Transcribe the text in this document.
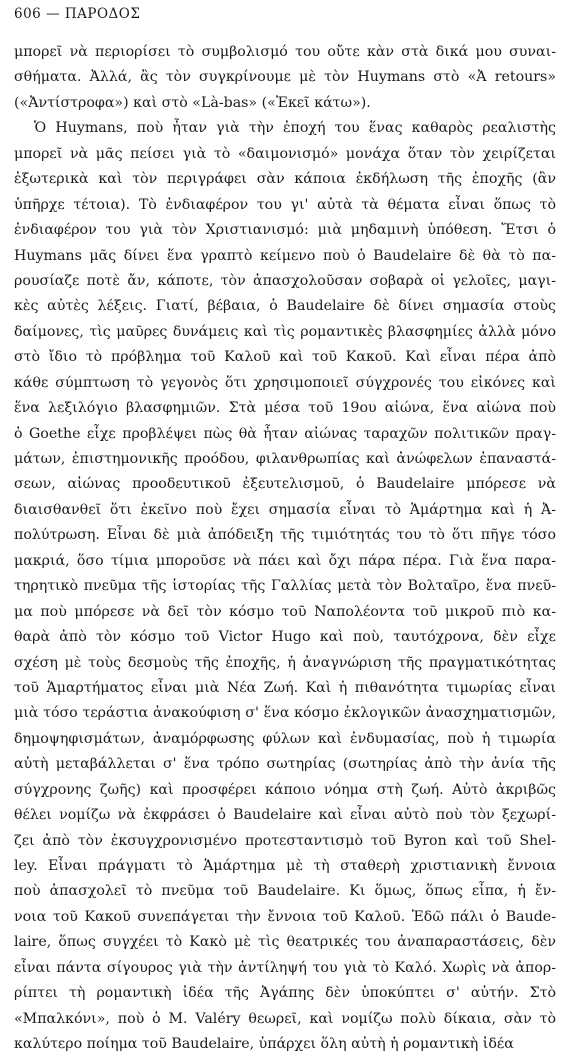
606 — ΠΑΡΟΔΟΣ
μπορεῖ νὰ περιορίσει τὸ συμβολισμό του οὔτε κὰν στὰ δικά μου συναι-
σθήματα. Ἀλλά, ἂς τὸν συγκρίνουμε μὲ τὸν Huymans στὸ «Ἀ retours»
(«Ἀντίστροφα») καὶ στὸ «Là-bas» («Ἐκεῖ κάτω»).
Ὁ Huymans, ποὺ ἦταν γιὰ τὴν ἐποχή του ἕνας καθαρὸς ρεαλιστὴς
μπορεῖ νὰ μᾶς πείσει γιὰ τὸ «δαιμονισμό» μονάχα ὅταν τὸν χειρίζεται
ἐξωτερικὰ καὶ τὸν περιγράφει σὰν κάποια ἐκδήλωση τῆς ἐποχῆς (ἂν
ὑπῆρχε τέτοια). Τὸ ἐνδιαφέρον του γι' αὐτὰ τὰ θέματα εἶναι ὅπως τὸ
ἐνδιαφέρον του γιὰ τὸν Χριστιανισμό: μιὰ μηδαμινὴ ὑπόθεση. Ἔτσι ὁ
Huymans μᾶς δίνει ἕνα γραπτὸ κείμενο ποὺ ὁ Baudelaire δὲ θὰ τὸ πα-
ρουσίαζε ποτὲ ἄν, κάποτε, τὸν ἀπασχολοῦσαν σοβαρὰ οἱ γελοῖες, μαγι-
κὲς αὐτὲς λέξεις. Γιατί, βέβαια, ὁ Baudelaire δὲ δίνει σημασία στοὺς
δαίμονες, τὶς μαῦρες δυνάμεις καὶ τὶς ρομαντικὲς βλασφημίες ἀλλὰ μόνο
στὸ ἴδιο τὸ πρόβλημα τοῦ Καλοῦ καὶ τοῦ Κακοῦ. Καὶ εἶναι πέρα ἀπὸ
κάθε σύμπτωση τὸ γεγονὸς ὅτι χρησιμοποιεῖ σύγχρονές του εἰκόνες καὶ
ἕνα λεξιλόγιο βλασφημιῶν. Στὰ μέσα τοῦ 19ου αἰώνα, ἕνα αἰώνα ποὺ
ὁ Goethe εἶχε προβλέψει πὼς θὰ ἦταν αἰώνας ταραχῶν πολιτικῶν πραγ-
μάτων, ἐπιστημονικῆς προόδου, φιλανθρωπίας καὶ ἀνώφελων ἐπαναστά-
σεων, αἰώνας προοδευτικοῦ ἐξευτελισμοῦ, ὁ Baudelaire μπόρεσε νὰ
διαισθανθεῖ ὅτι ἐκεῖνο ποὺ ἔχει σημασία εἶναι τὸ Ἁμάρτημα καὶ ἡ Ἀ-
πολύτρωση. Εἶναι δὲ μιὰ ἀπόδειξη τῆς τιμιότητάς του τὸ ὅτι πῆγε τόσο
μακριά, ὅσο τίμια μποροῦσε νὰ πάει καὶ ὄχι πάρα πέρα. Γιὰ ἕνα παρα-
τηρητικὸ πνεῦμα τῆς ἱστορίας τῆς Γαλλίας μετὰ τὸν Βολταῖρο, ἕνα πνεῦ-
μα ποὺ μπόρεσε νὰ δεῖ τὸν κόσμο τοῦ Ναπολέοντα τοῦ μικροῦ πιὸ κα-
θαρὰ ἀπὸ τὸν κόσμο τοῦ Victor Hugo καὶ ποὺ, ταυτόχρονα, δὲν εἶχε
σχέση μὲ τοὺς δεσμοὺς τῆς ἐποχῆς, ἡ ἀναγνώριση τῆς πραγματικότητας
τοῦ Ἁμαρτήματος εἶναι μιὰ Νέα Ζωή. Καὶ ἡ πιθανότητα τιμωρίας εἶναι
μιὰ τόσο τεράστια ἀνακούφιση σ' ἕνα κόσμο ἐκλογικῶν ἀνασχηματισμῶν,
δημοψηφισμάτων, ἀναμόρφωσης φύλων καὶ ἐνδυμασίας, ποὺ ἡ τιμωρία
αὐτὴ μεταβάλλεται σ' ἕνα τρόπο σωτηρίας (σωτηρίας ἀπὸ τὴν ἀνία τῆς
σύγχρονης ζωῆς) καὶ προσφέρει κάποιο νόημα στὴ ζωή. Αὐτὸ ἀκριβῶς
θέλει νομίζω νὰ ἐκφράσει ὁ Baudelaire καὶ εἶναι αὐτὸ ποὺ τὸν ξεχωρί-
ζει ἀπὸ τὸν ἐκσυγχρονισμένο προτεσταντισμὸ τοῦ Byron καὶ τοῦ Shel-
ley. Εἶναι πράγματι τὸ Ἁμάρτημα μὲ τὴ σταθερὴ χριστιανικὴ ἔννοια
ποὺ ἀπασχολεῖ τὸ πνεῦμα τοῦ Baudelaire. Κι ὅμως, ὅπως εἶπα, ἡ ἔν-
νοια τοῦ Κακοῦ συνεπάγεται τὴν ἔννοια τοῦ Καλοῦ. Ἐδῶ πάλι ὁ Baude-
laire, ὅπως συγχέει τὸ Κακὸ μὲ τὶς θεατρικές του ἀναπαραστάσεις, δὲν
εἶναι πάντα σίγουρος γιὰ τὴν ἀντίληψή του γιὰ τὸ Καλό. Χωρὶς νὰ ἀπορ-
ρίπτει τὴ ρομαντικὴ ἰδέα τῆς Ἀγάπης δὲν ὑποκύπτει σ' αὐτήν. Στὸ
«Μπαλκόνι», ποὺ ὁ M. Valéry θεωρεῖ, καὶ νομίζω πολὺ δίκαια, σὰν τὸ
καλύτερο ποίημα τοῦ Baudelaire, ὑπάρχει ὅλη αὐτὴ ἡ ρομαντικὴ ἰδέα
